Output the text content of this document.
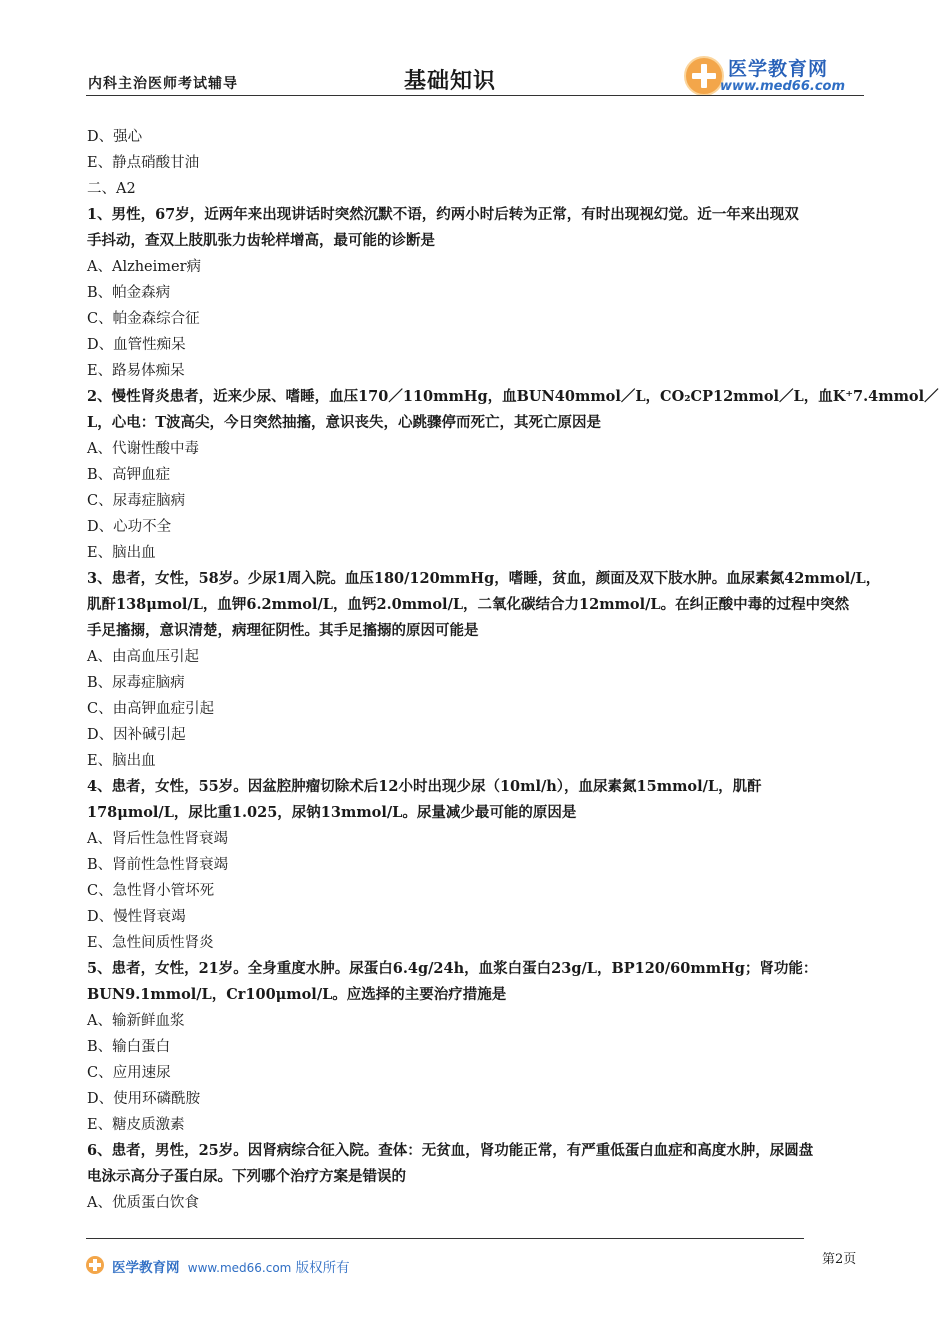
内科主治医师考试辅导	基础知识	医学教育网
www.med66.com
D、强心
E、静点硝酸甘油
二、A2
1、男性，67岁，近两年来出现讲话时突然沉默不语，约两小时后转为正常，有时出现视幻觉。近一年来出现双
手抖动，查双上肢肌张力齿轮样增高，最可能的诊断是
A、Alzheimer病
B、帕金森病
C、帕金森综合征
D、血管性痴呆
E、路易体痴呆
2、慢性肾炎患者，近来少尿、嗜睡，血压170／110mmHg，血BUN40mmol／L，CO₂CP12mmol／L，血K⁺7.4mmol／
L，心电：T波高尖，今日突然抽搐，意识丧失，心跳骤停而死亡，其死亡原因是
A、代谢性酸中毒
B、高钾血症
C、尿毒症脑病
D、心功不全
E、脑出血
3、患者，女性，58岁。少尿1周入院。血压180/120mmHg，嗜睡，贫血，颜面及双下肢水肿。血尿素氮42mmol/L，
肌酐138μmol/L，血钾6.2mmol/L，血钙2.0mmol/L，二氧化碳结合力12mmol/L。在纠正酸中毒的过程中突然
手足搐搦，意识清楚，病理征阴性。其手足搐搦的原因可能是
A、由高血压引起
B、尿毒症脑病
C、由高钾血症引起
D、因补碱引起
E、脑出血
4、患者，女性，55岁。因盆腔肿瘤切除术后12小时出现少尿（10ml/h），血尿素氮15mmol/L，肌酐
178μmol/L，尿比重1.025，尿钠13mmol/L。尿量减少最可能的原因是
A、肾后性急性肾衰竭
B、肾前性急性肾衰竭
C、急性肾小管坏死
D、慢性肾衰竭
E、急性间质性肾炎
5、患者，女性，21岁。全身重度水肿。尿蛋白6.4g/24h，血浆白蛋白23g/L，BP120/60mmHg；肾功能：
BUN9.1mmol/L，Cr100μmol/L。应选择的主要治疗措施是
A、输新鲜血浆
B、输白蛋白
C、应用速尿
D、使用环磷酰胺
E、糖皮质激素
6、患者，男性，25岁。因肾病综合征入院。查体：无贫血，肾功能正常，有严重低蛋白血症和高度水肿，尿圆盘
电泳示高分子蛋白尿。下列哪个治疗方案是错误的
A、优质蛋白饮食
医学教育网 www.med66.com 版权所有
第2页
